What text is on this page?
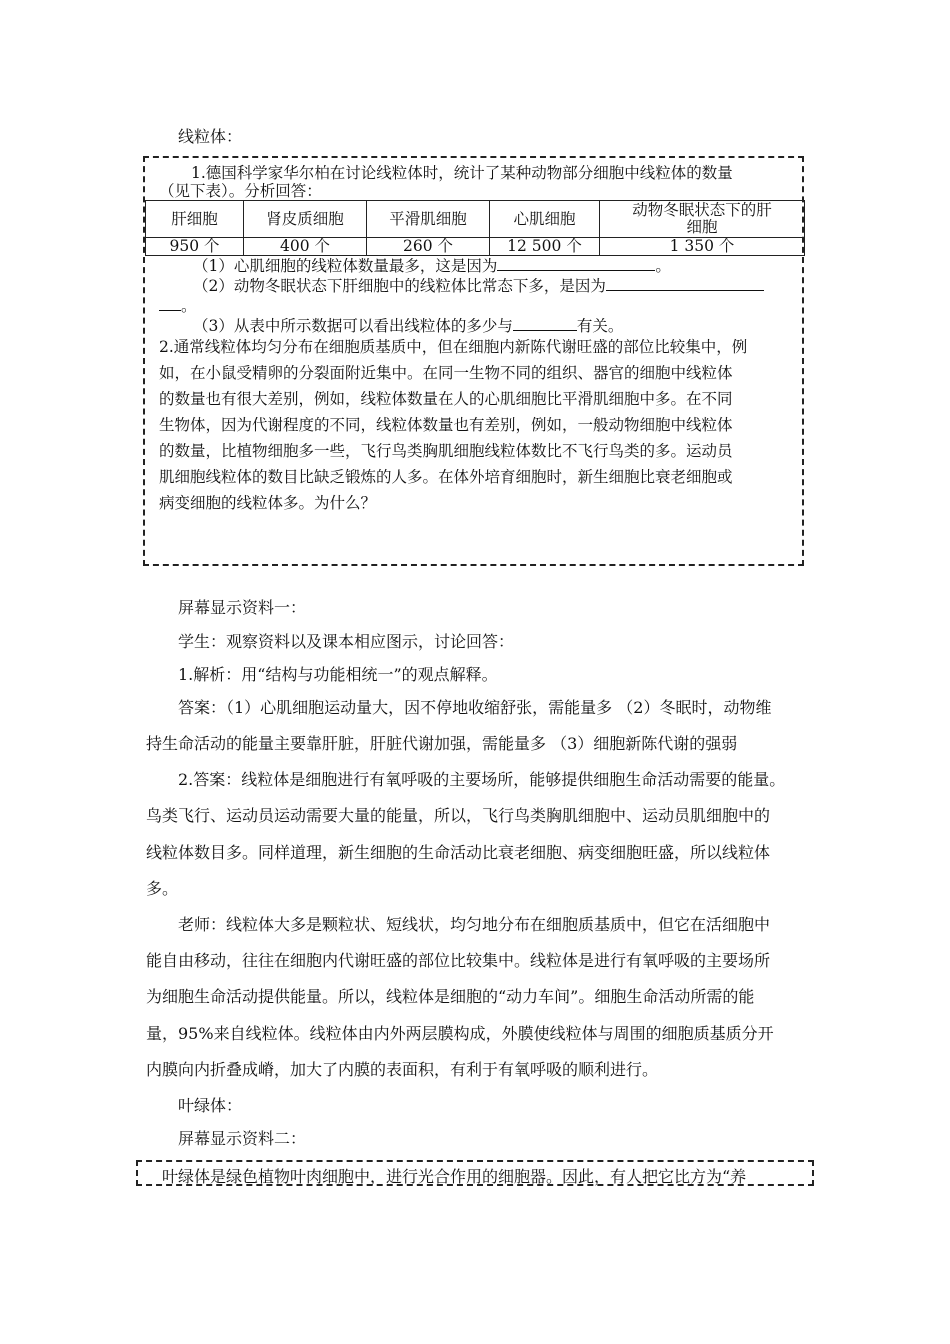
线粒体：
1.德国科学家华尔柏在讨论线粒体时，统计了某种动物部分细胞中线粒体的数量
（见下表）。分析回答：
肝细胞	肾皮质细胞	平滑肌细胞	心肌细胞	动物冬眠状态下的肝
细胞

950 个	400 个	260 个	12 500 个	1 350 个
（1）心肌细胞的线粒体数量最多，这是因为	。
（2）动物冬眠状态下肝细胞中的线粒体比常态下多，是因为
。
（3）从表中所示数据可以看出线粒体的多少与	有关。
2.通常线粒体均匀分布在细胞质基质中，但在细胞内新陈代谢旺盛的部位比较集中，例
如，在小鼠受精卵的分裂面附近集中。在同一生物不同的组织、器官的细胞中线粒体
的数量也有很大差别，例如，线粒体数量在人的心肌细胞比平滑肌细胞中多。在不同
生物体，因为代谢程度的不同，线粒体数量也有差别，例如，一般动物细胞中线粒体
的数量，比植物细胞多一些，飞行鸟类胸肌细胞线粒体数比不飞行鸟类的多。运动员
肌细胞线粒体的数目比缺乏锻炼的人多。在体外培育细胞时，新生细胞比衰老细胞或
病变细胞的线粒体多。为什么？
屏幕显示资料一：
学生：观察资料以及课本相应图示，讨论回答：
1.解析：用“结构与功能相统一”的观点解释。
答案：（1）心肌细胞运动量大，因不停地收缩舒张，需能量多 （2）冬眠时，动物维
持生命活动的能量主要靠肝脏，肝脏代谢加强，需能量多 （3）细胞新陈代谢的强弱
2.答案：线粒体是细胞进行有氧呼吸的主要场所，能够提供细胞生命活动需要的能量。
鸟类飞行、运动员运动需要大量的能量，所以，飞行鸟类胸肌细胞中、运动员肌细胞中的
线粒体数目多。同样道理，新生细胞的生命活动比衰老细胞、病变细胞旺盛，所以线粒体
多。
老师：线粒体大多是颗粒状、短线状，均匀地分布在细胞质基质中，但它在活细胞中
能自由移动，往往在细胞内代谢旺盛的部位比较集中。线粒体是进行有氧呼吸的主要场所
为细胞生命活动提供能量。所以，线粒体是细胞的“动力车间”。细胞生命活动所需的能
量，95%来自线粒体。线粒体由内外两层膜构成，外膜使线粒体与周围的细胞质基质分开
内膜向内折叠成嵴，加大了内膜的表面积，有利于有氧呼吸的顺利进行。
叶绿体：
屏幕显示资料二：
叶绿体是绿色植物叶肉细胞中，进行光合作用的细胞器。因此，有人把它比方为“养
